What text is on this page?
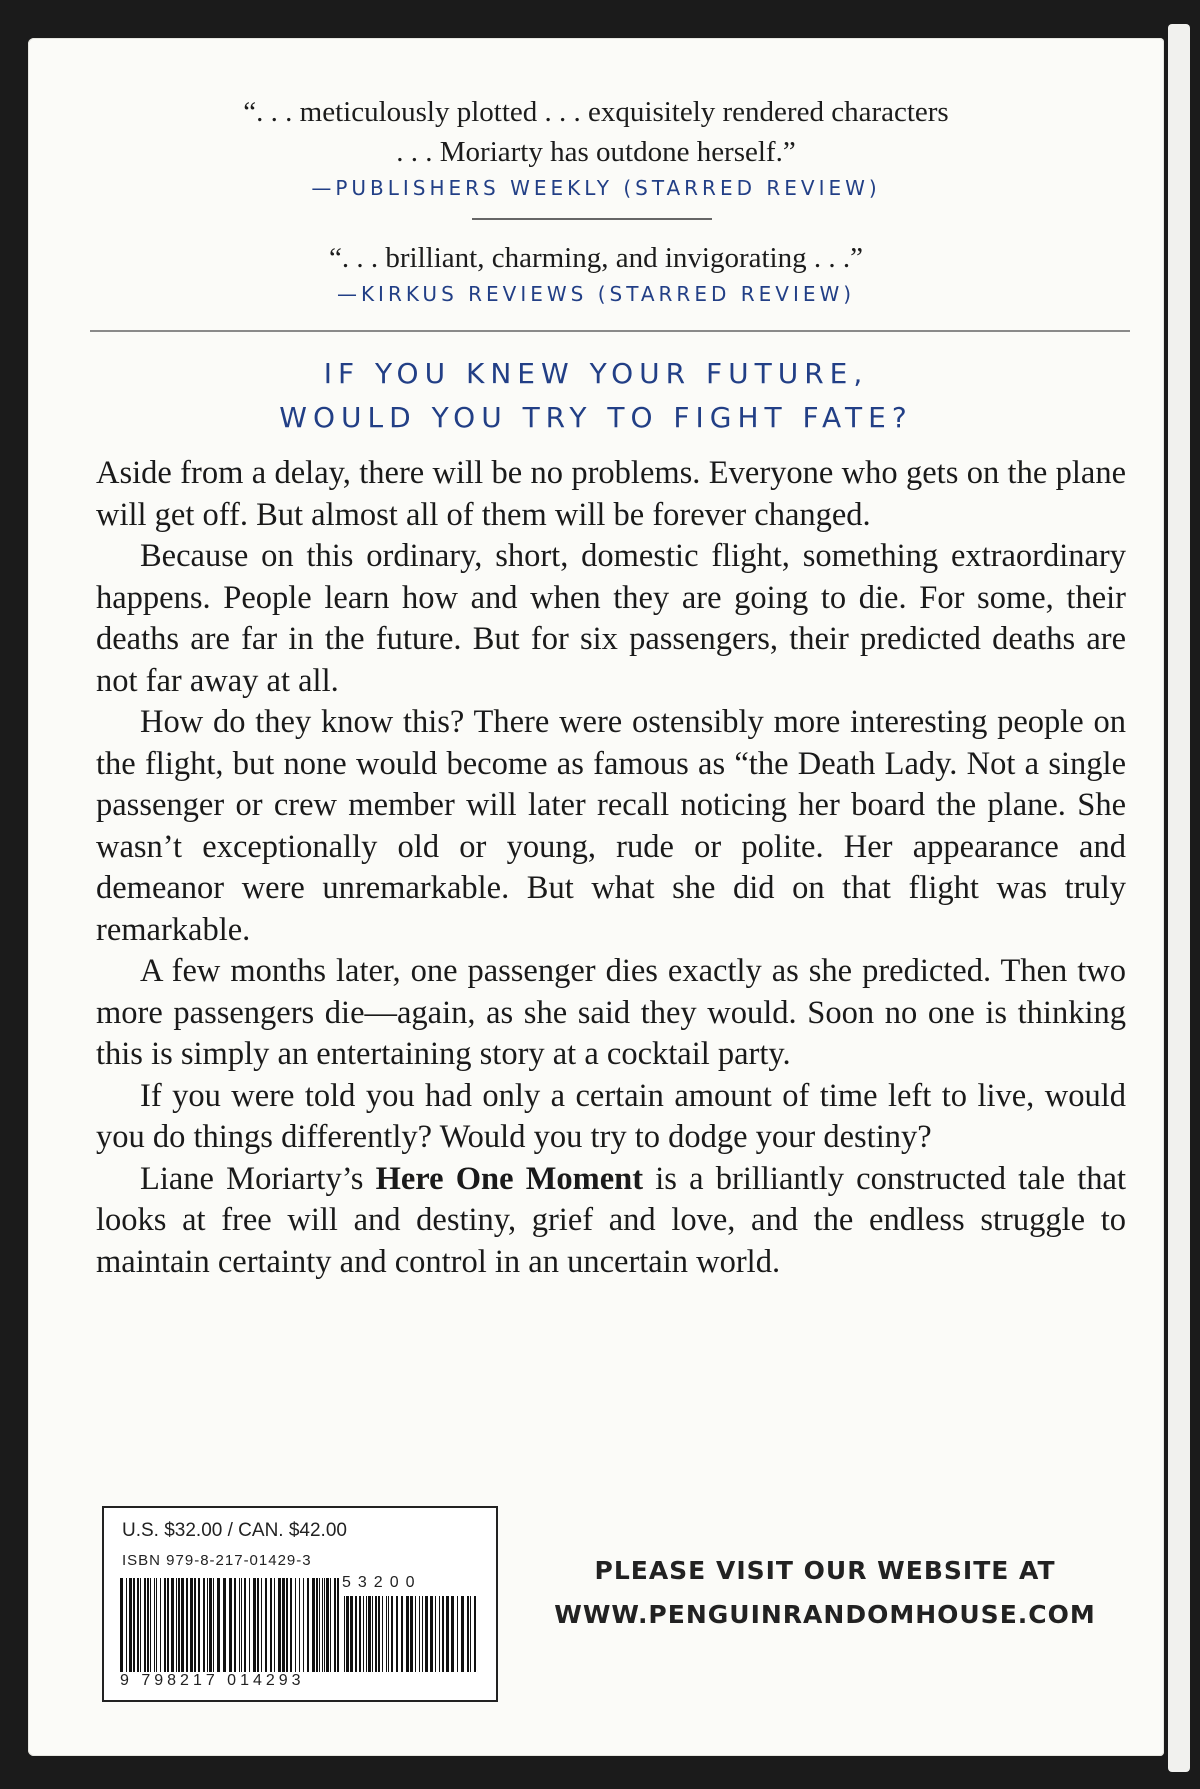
“. . . meticulously plotted . . . exquisitely rendered characters
. . . Moriarty has outdone herself.”
—PUBLISHERS WEEKLY (STARRED REVIEW)
“. . . brilliant, charming, and invigorating . . .”
—KIRKUS REVIEWS (STARRED REVIEW)
IF YOU KNEW YOUR FUTURE,
WOULD YOU TRY TO FIGHT FATE?

Aside from a delay, there will be no problems. Everyone who gets on the plane will get off. But almost all of them will be forever changed.

Because on this ordinary, short, domestic flight, something extraordinary happens. People learn how and when they are going to die. For some, their deaths are far in the future. But for six passengers, their predicted deaths are not far away at all.

How do they know this? There were ostensibly more interesting people on the flight, but none would become as famous as “the Death Lady. Not a single passenger or crew member will later recall noticing her board the plane. She wasn’t exceptionally old or young, rude or polite. Her appearance and demeanor were unremarkable. But what she did on that flight was truly remarkable.

A few months later, one passenger dies exactly as she predicted. Then two more passengers die—again, as she said they would. Soon no one is thinking this is simply an entertaining story at a cocktail party.

If you were told you had only a certain amount of time left to live, would you do things differently? Would you try to dodge your destiny?

Liane Moriarty’s Here One Moment is a brilliantly constructed tale that looks at free will and destiny, grief and love, and the endless struggle to maintain certainty and control in an uncertain world.

U.S. $32.00 / CAN. $42.00
ISBN 979-8-217-01429-3
53200
9 798217 014293
PLEASE VISIT OUR WEBSITE AT
WWW.PENGUINRANDOMHOUSE.COM
